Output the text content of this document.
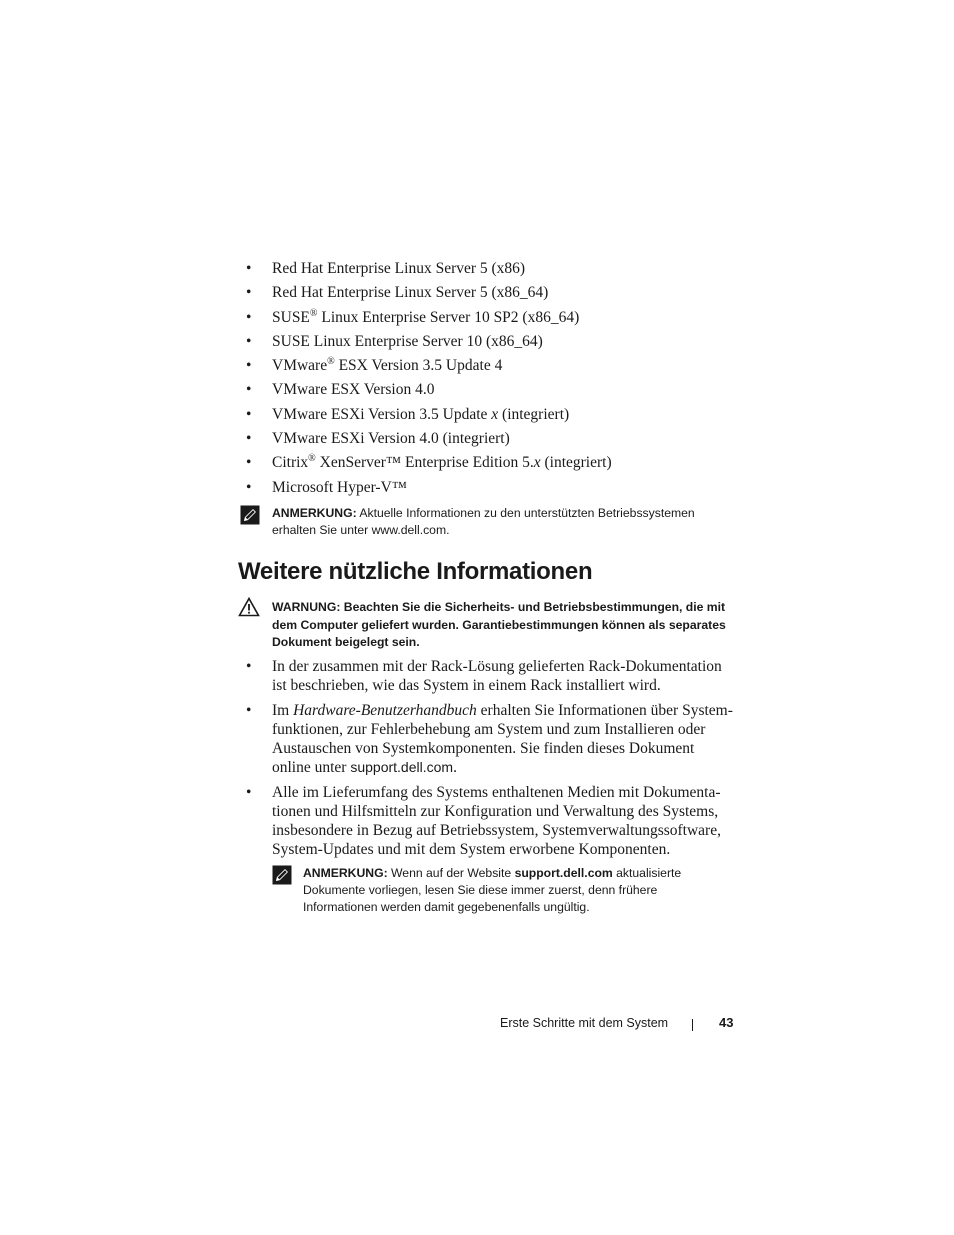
• Red Hat Enterprise Linux Server 5 (x86)
• Red Hat Enterprise Linux Server 5 (x86_64)
• SUSE® Linux Enterprise Server 10 SP2 (x86_64)
• SUSE Linux Enterprise Server 10 (x86_64)
• VMware® ESX Version 3.5 Update 4
• VMware ESX Version 4.0
• VMware ESXi Version 3.5 Update x (integriert)
• VMware ESXi Version 4.0 (integriert)
• Citrix® XenServer™ Enterprise Edition 5.x (integriert)
• Microsoft Hyper-V™
ANMERKUNG: Aktuelle Informationen zu den unterstützten Betriebssystemen erhalten Sie unter www.dell.com.
Weitere nützliche Informationen
WARNUNG: Beachten Sie die Sicherheits- und Betriebsbestimmungen, die mit dem Computer geliefert wurden. Garantiebestimmungen können als separates Dokument beigelegt sein.
• In der zusammen mit der Rack-Lösung gelieferten Rack-Dokumentation ist beschrieben, wie das System in einem Rack installiert wird.
• Im Hardware-Benutzerhandbuch erhalten Sie Informationen über System-funktionen, zur Fehlerbehebung am System und zum Installieren oder Austauschen von Systemkomponenten. Sie finden dieses Dokument online unter support.dell.com.
• Alle im Lieferumfang des Systems enthaltenen Medien mit Dokumenta-tionen und Hilfsmitteln zur Konfiguration und Verwaltung des Systems, insbesondere in Bezug auf Betriebssystem, Systemverwaltungssoftware, System-Updates und mit dem System erworbene Komponenten.
ANMERKUNG: Wenn auf der Website support.dell.com aktualisierte Dokumente vorliegen, lesen Sie diese immer zuerst, denn frühere Informationen werden damit gegebenenfalls ungültig.
Erste Schritte mit dem System	43
